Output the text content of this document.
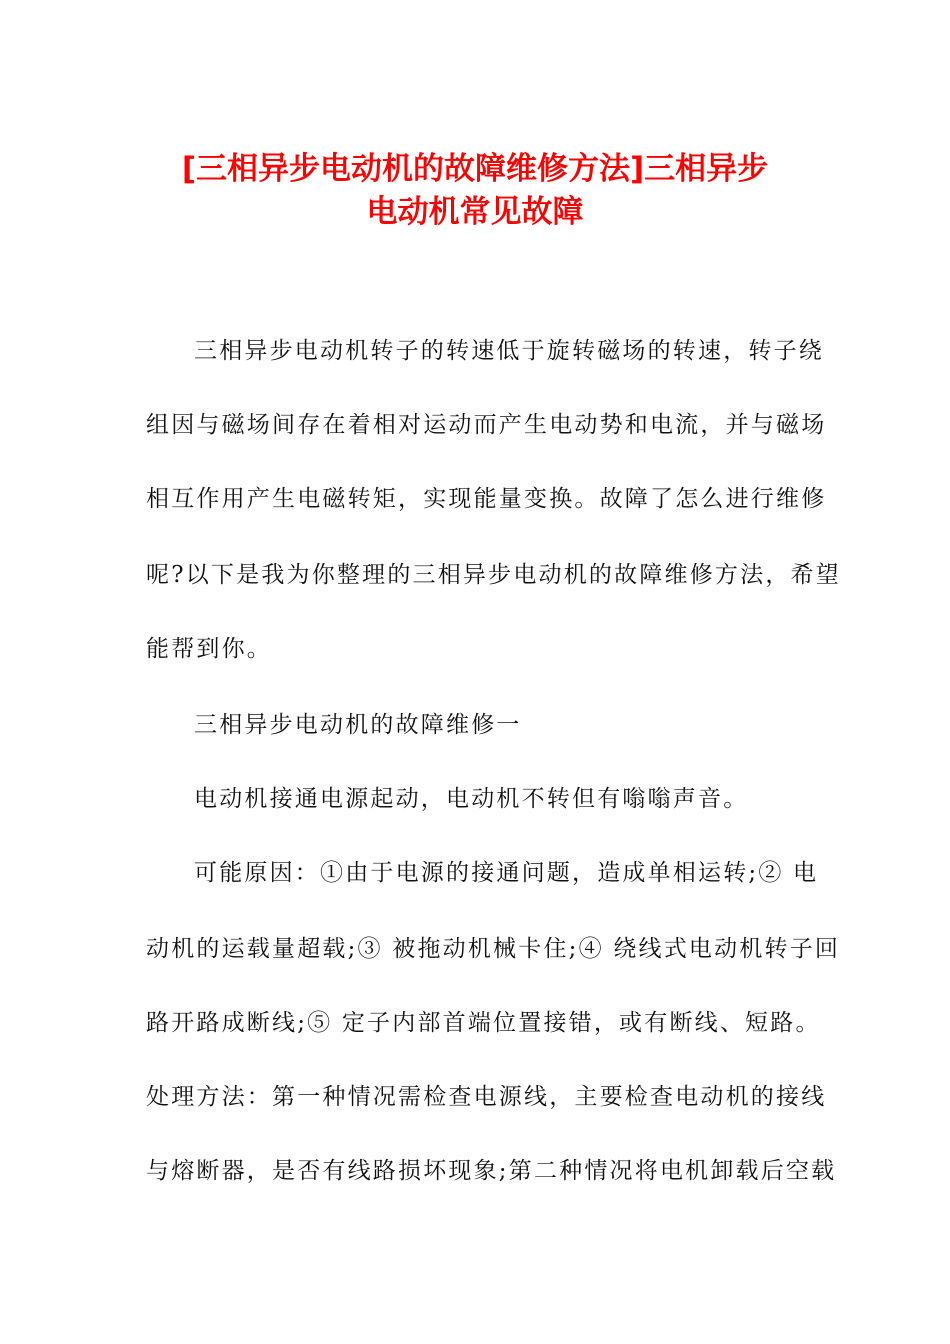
[三相异步电动机的故障维修方法]三相异步
电动机常见故障
三相异步电动机转子的转速低于旋转磁场的转速，转子绕
组因与磁场间存在着相对运动而产生电动势和电流，并与磁场
相互作用产生电磁转矩，实现能量变换。故障了怎么进行维修
呢?以下是我为你整理的三相异步电动机的故障维修方法，希望
能帮到你。
三相异步电动机的故障维修一
电动机接通电源起动，电动机不转但有嗡嗡声音。
可能原因：①由于电源的接通问题，造成单相运转;② 电
动机的运载量超载;③ 被拖动机械卡住;④ 绕线式电动机转子回
路开路成断线;⑤ 定子内部首端位置接错，或有断线、短路。
处理方法：第一种情况需检查电源线，主要检查电动机的接线
与熔断器，是否有线路损坏现象;第二种情况将电机卸载后空载
